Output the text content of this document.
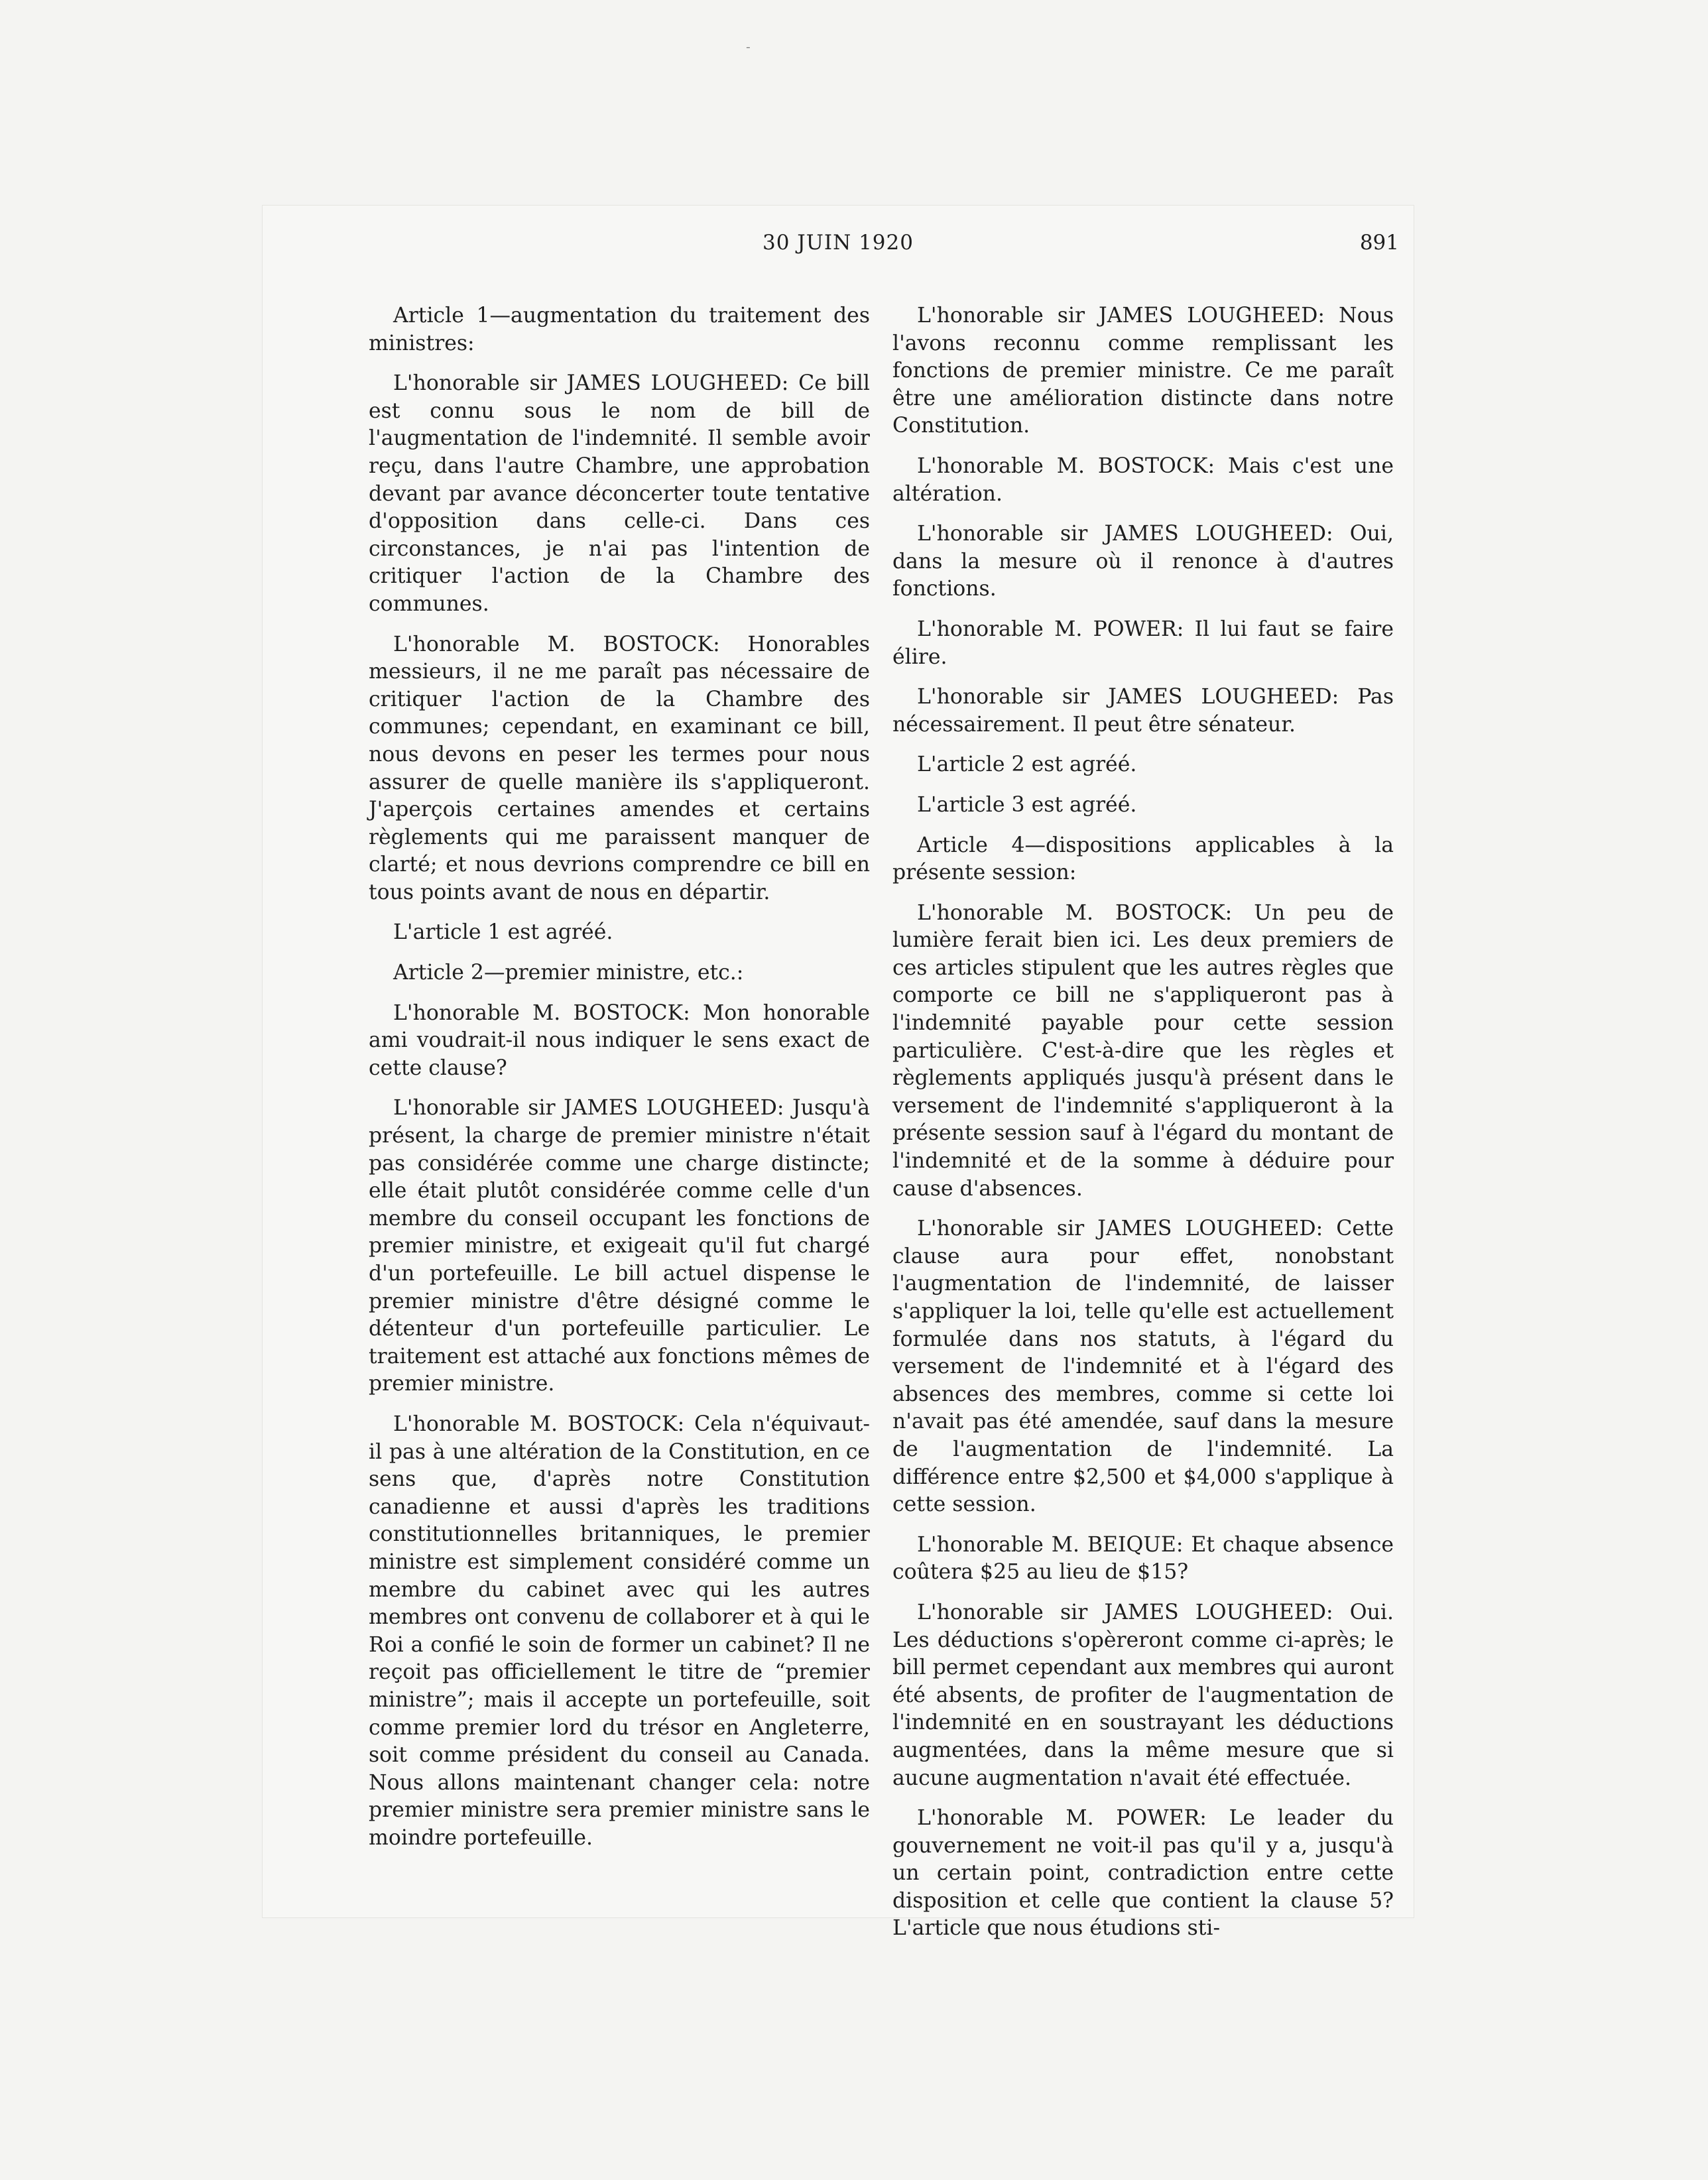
-
30 JUIN 1920	891

Article 1—augmentation du traitement des ministres:

L'honorable sir JAMES LOUGHEED: Ce bill est connu sous le nom de bill de l'augmentation de l'indemnité. Il semble avoir reçu, dans l'autre Chambre, une approbation devant par avance déconcerter toute tentative d'opposition dans celle-ci. Dans ces circonstances, je n'ai pas l'intention de critiquer l'action de la Chambre des communes.

L'honorable M. BOSTOCK: Honorables messieurs, il ne me paraît pas nécessaire de critiquer l'action de la Chambre des communes; cependant, en examinant ce bill, nous devons en peser les termes pour nous assurer de quelle manière ils s'appliqueront. J'aperçois certaines amendes et certains règlements qui me paraissent manquer de clarté; et nous devrions comprendre ce bill en tous points avant de nous en départir.

L'article 1 est agréé.

Article 2—premier ministre, etc.:

L'honorable M. BOSTOCK: Mon honorable ami voudrait-il nous indiquer le sens exact de cette clause?

L'honorable sir JAMES LOUGHEED: Jusqu'à présent, la charge de premier ministre n'était pas considérée comme une charge distincte; elle était plutôt considérée comme celle d'un membre du conseil occupant les fonctions de premier ministre, et exigeait qu'il fut chargé d'un portefeuille. Le bill actuel dispense le premier ministre d'être désigné comme le détenteur d'un portefeuille particulier. Le traitement est attaché aux fonctions mêmes de premier ministre.

L'honorable M. BOSTOCK: Cela n'équivaut-il pas à une altération de la Constitution, en ce sens que, d'après notre Constitution canadienne et aussi d'après les traditions constitutionnelles britanniques, le premier ministre est simplement considéré comme un membre du cabinet avec qui les autres membres ont convenu de collaborer et à qui le Roi a confié le soin de former un cabinet? Il ne reçoit pas officiellement le titre de “premier ministre”; mais il accepte un portefeuille, soit comme premier lord du trésor en Angleterre, soit comme président du conseil au Canada. Nous allons maintenant changer cela: notre premier ministre sera premier ministre sans le moindre portefeuille.

L'honorable sir JAMES LOUGHEED: Nous l'avons reconnu comme remplissant les fonctions de premier ministre. Ce me paraît être une amélioration distincte dans notre Constitution.

L'honorable M. BOSTOCK: Mais c'est une altération.

L'honorable sir JAMES LOUGHEED: Oui, dans la mesure où il renonce à d'autres fonctions.

L'honorable M. POWER: Il lui faut se faire élire.

L'honorable sir JAMES LOUGHEED: Pas nécessairement. Il peut être sénateur.

L'article 2 est agréé.

L'article 3 est agréé.

Article 4—dispositions applicables à la présente session:

L'honorable M. BOSTOCK: Un peu de lumière ferait bien ici. Les deux premiers de ces articles stipulent que les autres règles que comporte ce bill ne s'appliqueront pas à l'indemnité payable pour cette session particulière. C'est-à-dire que les règles et règlements appliqués jusqu'à présent dans le versement de l'indemnité s'appliqueront à la présente session sauf à l'égard du montant de l'indemnité et de la somme à déduire pour cause d'absences.

L'honorable sir JAMES LOUGHEED: Cette clause aura pour effet, nonobstant l'augmentation de l'indemnité, de laisser s'appliquer la loi, telle qu'elle est actuellement formulée dans nos statuts, à l'égard du versement de l'indemnité et à l'égard des absences des membres, comme si cette loi n'avait pas été amendée, sauf dans la mesure de l'augmentation de l'indemnité. La différence entre $2,500 et $4,000 s'applique à cette session.

L'honorable M. BEIQUE: Et chaque absence coûtera $25 au lieu de $15?

L'honorable sir JAMES LOUGHEED: Oui. Les déductions s'opèreront comme ci-après; le bill permet cependant aux membres qui auront été absents, de profiter de l'augmentation de l'indemnité en en soustrayant les déductions augmentées, dans la même mesure que si aucune augmentation n'avait été effectuée.

L'honorable M. POWER: Le leader du gouvernement ne voit-il pas qu'il y a, jusqu'à un certain point, contradiction entre cette disposition et celle que contient la clause 5? L'article que nous étudions sti-
